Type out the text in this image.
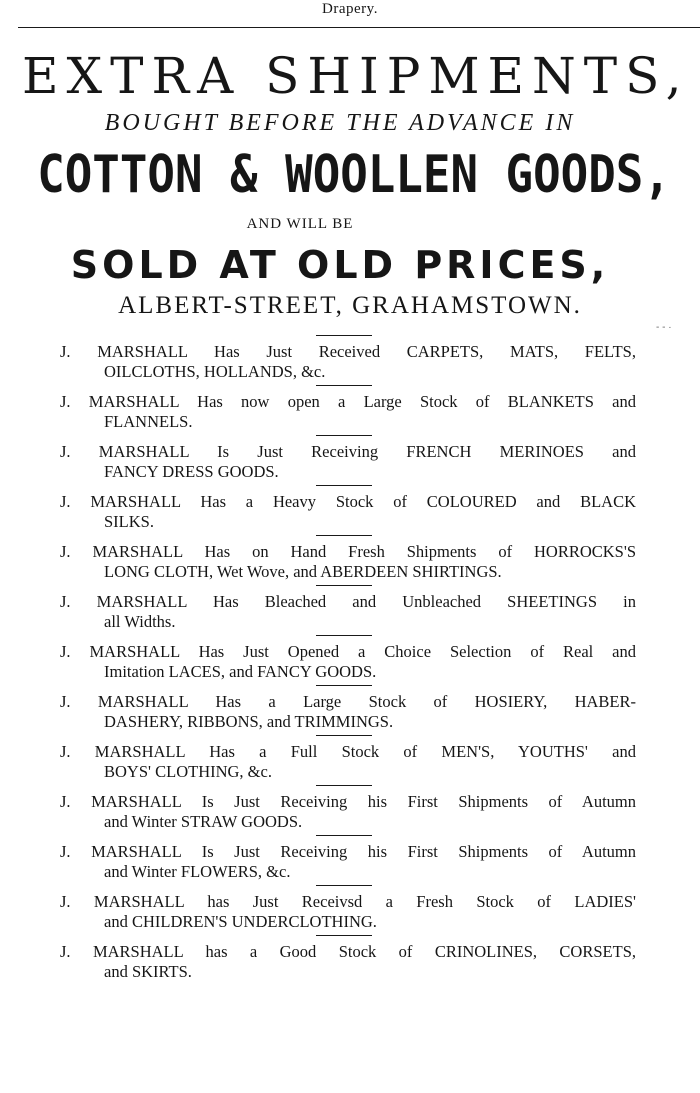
Drapery.
EXTRA SHIPMENTS,
BOUGHT BEFORE THE ADVANCE IN
COTTON & WOOLLEN GOODS,
AND WILL BE
SOLD AT OLD PRICES,
ALBERT-STREET, GRAHAMSTOWN.
- - ·
J. MARSHALL Has Just Received CARPETS, MATS, FELTS,
OILCLOTHS, HOLLANDS, &c.
J. MARSHALL Has now open a Large Stock of BLANKETS and
FLANNELS.
J. MARSHALL Is Just Receiving FRENCH MERINOES and
FANCY DRESS GOODS.
J. MARSHALL Has a Heavy Stock of COLOURED and BLACK
SILKS.
J. MARSHALL Has on Hand Fresh Shipments of HORROCKS'S
LONG CLOTH, Wet Wove, and ABERDEEN SHIRTINGS.
J. MARSHALL Has Bleached and Unbleached SHEETINGS in
all Widths.
J. MARSHALL Has Just Opened a Choice Selection of Real and
Imitation LACES, and FANCY GOODS.
J. MARSHALL Has a Large Stock of HOSIERY, HABER-
DASHERY, RIBBONS, and TRIMMINGS.
J. MARSHALL Has a Full Stock of MEN'S, YOUTHS' and
BOYS' CLOTHING, &c.
J. MARSHALL Is Just Receiving his First Shipments of Autumn
and Winter STRAW GOODS.
J. MARSHALL Is Just Receiving his First Shipments of Autumn
and Winter FLOWERS, &c.
J. MARSHALL has Just Receivsd a Fresh Stock of LADIES'
and CHILDREN'S UNDERCLOTHING.
J. MARSHALL has a Good Stock of CRINOLINES, CORSETS,
and SKIRTS.
